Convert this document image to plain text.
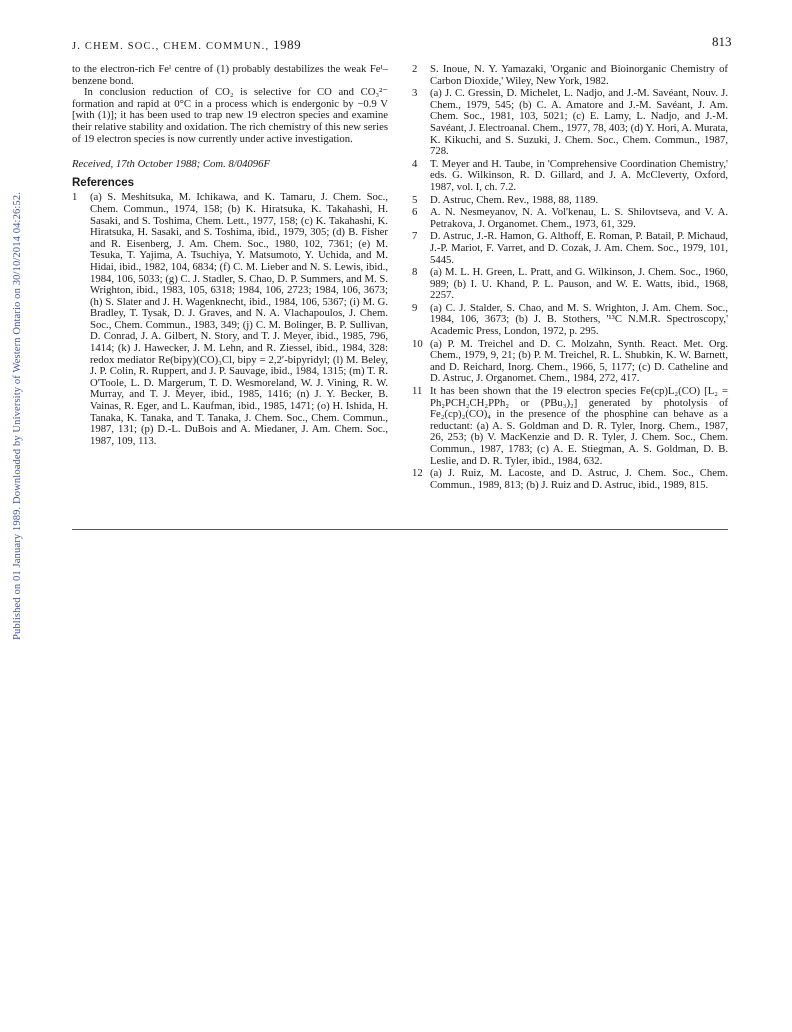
J. CHEM. SOC., CHEM. COMMUN., 1989	813
Published on 01 January 1989. Downloaded by University of Western Ontario on 30/10/2014 04:26:52.

to the electron-rich Feᴵ centre of (1) probably destabilizes the weak Feᴵ–benzene bond.

In conclusion reduction of CO₂ is selective for CO and CO₃²⁻ formation and rapid at 0°C in a process which is endergonic by −0.9 V [with (1)]; it has been used to trap new 19 electron species and examine their relative stability and oxidation. The rich chemistry of this new series of 19 electron species is now currently under active investigation.

Received, 17th October 1988; Com. 8/04096F

References
1	(a) S. Meshitsuka, M. Ichikawa, and K. Tamaru, J. Chem. Soc., Chem. Commun., 1974, 158; (b) K. Hiratsuka, K. Takahashi, H. Sasaki, and S. Toshima, Chem. Lett., 1977, 158; (c) K. Takahashi, K. Hiratsuka, H. Sasaki, and S. Toshima, ibid., 1979, 305; (d) B. Fisher and R. Eisenberg, J. Am. Chem. Soc., 1980, 102, 7361; (e) M. Tesuka, T. Yajima, A. Tsuchiya, Y. Matsumoto, Y. Uchida, and M. Hidai, ibid., 1982, 104, 6834; (f) C. M. Lieber and N. S. Lewis, ibid., 1984, 106, 5033; (g) C. J. Stadler, S. Chao, D. P. Summers, and M. S. Wrighton, ibid., 1983, 105, 6318; 1984, 106, 2723; 1984, 106, 3673; (h) S. Slater and J. H. Wagenknecht, ibid., 1984, 106, 5367; (i) M. G. Bradley, T. Tysak, D. J. Graves, and N. A. Vlachapoulos, J. Chem. Soc., Chem. Commun., 1983, 349; (j) C. M. Bolinger, B. P. Sullivan, D. Conrad, J. A. Gilbert, N. Story, and T. J. Meyer, ibid., 1985, 796, 1414; (k) J. Hawecker, J. M. Lehn, and R. Ziessel, ibid., 1984, 328: redox mediator Re(bipy)(CO)₃Cl, bipy = 2,2′-bipyridyl; (l) M. Beley, J. P. Colin, R. Ruppert, and J. P. Sauvage, ibid., 1984, 1315; (m) T. R. O'Toole, L. D. Margerum, T. D. Wesmoreland, W. J. Vining, R. W. Murray, and T. J. Meyer, ibid., 1985, 1416; (n) J. Y. Becker, B. Vainas, R. Eger, and L. Kaufman, ibid., 1985, 1471; (o) H. Ishida, H. Tanaka, K. Tanaka, and T. Tanaka, J. Chem. Soc., Chem. Commun., 1987, 131; (p) D.-L. DuBois and A. Miedaner, J. Am. Chem. Soc., 1987, 109, 113.
2	S. Inoue, N. Y. Yamazaki, 'Organic and Bioinorganic Chemistry of Carbon Dioxide,' Wiley, New York, 1982.
3	(a) J. C. Gressin, D. Michelet, L. Nadjo, and J.-M. Savéant, Nouv. J. Chem., 1979, 545; (b) C. A. Amatore and J.-M. Savéant, J. Am. Chem. Soc., 1981, 103, 5021; (c) E. Lamy, L. Nadjo, and J.-M. Savéant, J. Electroanal. Chem., 1977, 78, 403; (d) Y. Hori, A. Murata, K. Kikuchi, and S. Suzuki, J. Chem. Soc., Chem. Commun., 1987, 728.
4	T. Meyer and H. Taube, in 'Comprehensive Coordination Chemistry,' eds. G. Wilkinson, R. D. Gillard, and J. A. McCleverty, Oxford, 1987, vol. I, ch. 7.2.
5	D. Astruc, Chem. Rev., 1988, 88, 1189.
6	A. N. Nesmeyanov, N. A. Vol'kenau, L. S. Shilovtseva, and V. A. Petrakova, J. Organomet. Chem., 1973, 61, 329.
7	D. Astruc, J.-R. Hamon, G. Althoff, E. Roman, P. Batail, P. Michaud, J.-P. Mariot, F. Varret, and D. Cozak, J. Am. Chem. Soc., 1979, 101, 5445.
8	(a) M. L. H. Green, L. Pratt, and G. Wilkinson, J. Chem. Soc., 1960, 989; (b) I. U. Khand, P. L. Pauson, and W. E. Watts, ibid., 1968, 2257.
9	(a) C. J. Stalder, S. Chao, and M. S. Wrighton, J. Am. Chem. Soc., 1984, 106, 3673; (b) J. B. Stothers, '¹³C N.M.R. Spectroscopy,' Academic Press, London, 1972, p. 295.
10 (a) P. M. Treichel and D. C. Molzahn, Synth. React. Met. Org. Chem., 1979, 9, 21; (b) P. M. Treichel, R. L. Shubkin, K. W. Barnett, and D. Reichard, Inorg. Chem., 1966, 5, 1177; (c) D. Catheline and D. Astruc, J. Organomet. Chem., 1984, 272, 417.
11 It has been shown that the 19 electron species Fe(cp)L₂(CO) [L₂ = Ph₂PCH₂CH₂PPh₂ or (PBu₃)₂] generated by photolysis of Fe₂(cp)₂(CO)₄ in the presence of the phosphine can behave as a reductant: (a) A. S. Goldman and D. R. Tyler, Inorg. Chem., 1987, 26, 253; (b) V. MacKenzie and D. R. Tyler, J. Chem. Soc., Chem. Commun., 1987, 1783; (c) A. E. Stiegman, A. S. Goldman, D. B. Leslie, and D. R. Tyler, ibid., 1984, 632.
12 (a) J. Ruiz, M. Lacoste, and D. Astruc, J. Chem. Soc., Chem. Commun., 1989, 813; (b) J. Ruiz and D. Astruc, ibid., 1989, 815.
